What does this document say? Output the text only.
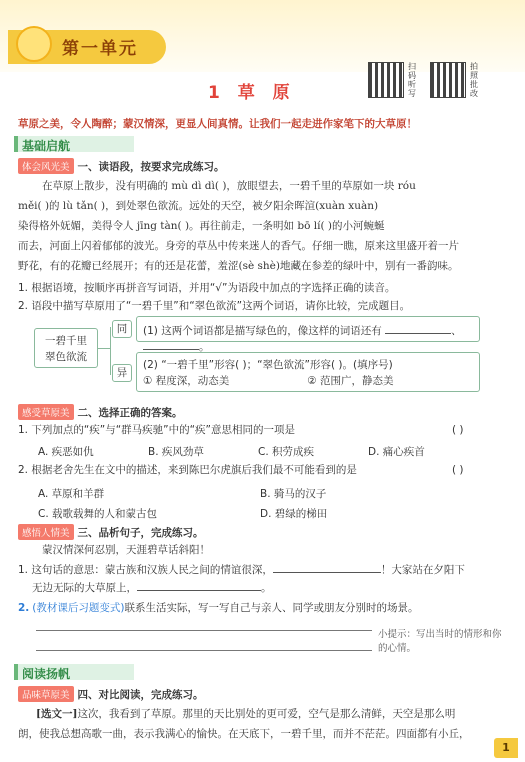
第一单元
1 草 原
扫码听写
拍照批改
草原之美，令人陶醉；蒙汉情深，更显人间真情。让我们一起走进作家笔下的大草原！
基础启航
体会风光美 一、读语段，按要求完成练习。
在草原上散步，没有明确的 mù dì dì( )，放眼望去，一碧千里的草原如一块 róu
měi( )的 lù tǎn( )，到处翠色欲流。远处的天空，被夕阳余晖渲(xuàn xuàn)
染得格外妩媚，美得令人 jīng tàn( )。再往前走，一条明如 bō lí( )的小河蜿蜒
而去，河面上闪着郁郁的波光。身旁的草丛中传来迷人的香气。仔细一瞧，原来这里盛开着一片
野花，有的花瓣已经展开；有的还是花蕾，羞涩(sè shè)地藏在参差的绿叶中，别有一番韵味。
1. 根据语境，按顺序再拼音写词语，并用“√”为语段中加点的字选择正确的读音。
2. 语段中描写草原用了“一碧千里”和“翠色欲流”这两个词语，请你比较，完成题目。
一碧千里
翠色欲流
同
异
(1) 这两个词语都是描写绿色的，像这样的词语还有	、。
(2) “一碧千里”形容( )；“翠色欲流”形容( )。(填序号)
① 程度深，动态美	② 范围广，静态美
感受草原美 二、选择正确的答案。
1. 下列加点的“疾”与“群马疾驰”中的“疾”意思相同的一项是	( )
A. 疾恶如仇	B. 疾风劲草	C. 积劳成疾	D. 痛心疾首
2. 根据老舍先生在文中的描述，来到陈巴尔虎旗后我们最不可能看到的是	( )
A. 草原和羊群	B. 骑马的汉子
C. 载歌载舞的人和蒙古包	D. 碧绿的梯田
感悟人情美 三、品析句子，完成练习。
蒙汉情深何忍别，天涯碧草话斜阳！
1. 这句话的意思：蒙古族和汉族人民之间的情谊很深，	！大家站在夕阳下
无边无际的大草原上，	。
2. (教材课后习题变式)联系生活实际，写一写自己与亲人、同学或朋友分别时的场景。
小提示：写出当时的情形和你的心情。
阅读扬帆
品味草原美 四、对比阅读，完成练习。
[选文一]这次，我看到了草原。那里的天比别处的更可爱，空气是那么清鲜，天空是那么明
朗，使我总想高歌一曲，表示我满心的愉快。在天底下，一碧千里，而并不茫茫。四面都有小丘，
1
